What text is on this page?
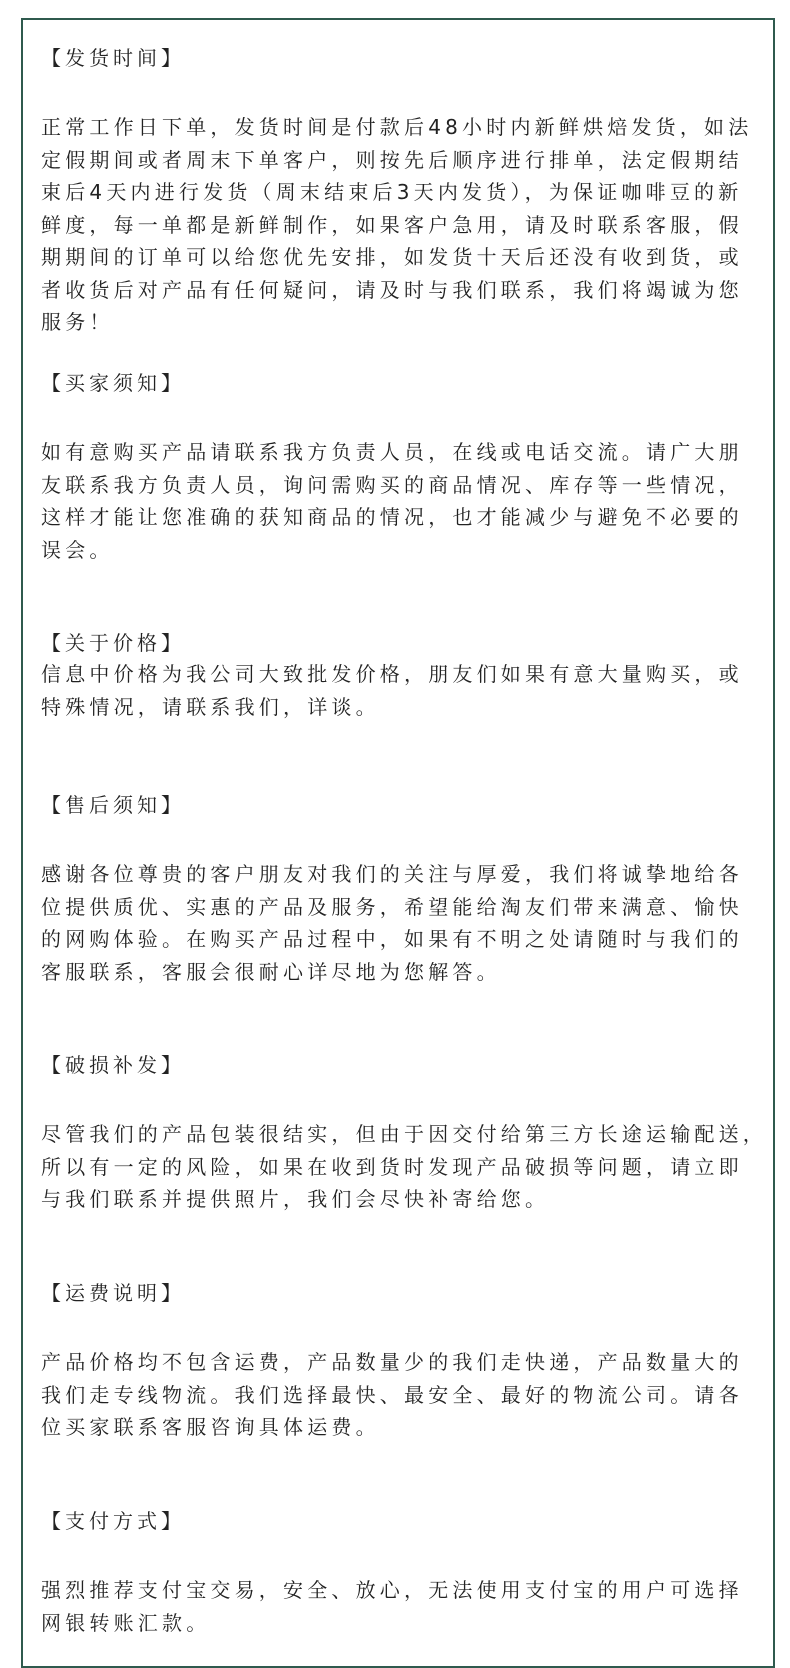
【发货时间】
正常工作日下单，发货时间是付款后48小时内新鲜烘焙发货，如法
定假期间或者周末下单客户，则按先后顺序进行排单，法定假期结
束后4天内进行发货（周末结束后3天内发货），为保证咖啡豆的新
鲜度，每一单都是新鲜制作，如果客户急用，请及时联系客服，假
期期间的订单可以给您优先安排，如发货十天后还没有收到货，或
者收货后对产品有任何疑问，请及时与我们联系，我们将竭诚为您
服务！
【买家须知】
如有意购买产品请联系我方负责人员，在线或电话交流。请广大朋
友联系我方负责人员，询问需购买的商品情况、库存等一些情况，
这样才能让您准确的获知商品的情况，也才能减少与避免不必要的
误会。
【关于价格】
信息中价格为我公司大致批发价格，朋友们如果有意大量购买，或
特殊情况，请联系我们，详谈。
【售后须知】
感谢各位尊贵的客户朋友对我们的关注与厚爱，我们将诚挚地给各
位提供质优、实惠的产品及服务，希望能给淘友们带来满意、愉快
的网购体验。在购买产品过程中，如果有不明之处请随时与我们的
客服联系，客服会很耐心详尽地为您解答。
【破损补发】
尽管我们的产品包装很结实，但由于因交付给第三方长途运输配送，
所以有一定的风险，如果在收到货时发现产品破损等问题，请立即
与我们联系并提供照片，我们会尽快补寄给您。
【运费说明】
产品价格均不包含运费，产品数量少的我们走快递，产品数量大的
我们走专线物流。我们选择最快、最安全、最好的物流公司。请各
位买家联系客服咨询具体运费。
【支付方式】
强烈推荐支付宝交易，安全、放心，无法使用支付宝的用户可选择
网银转账汇款。
